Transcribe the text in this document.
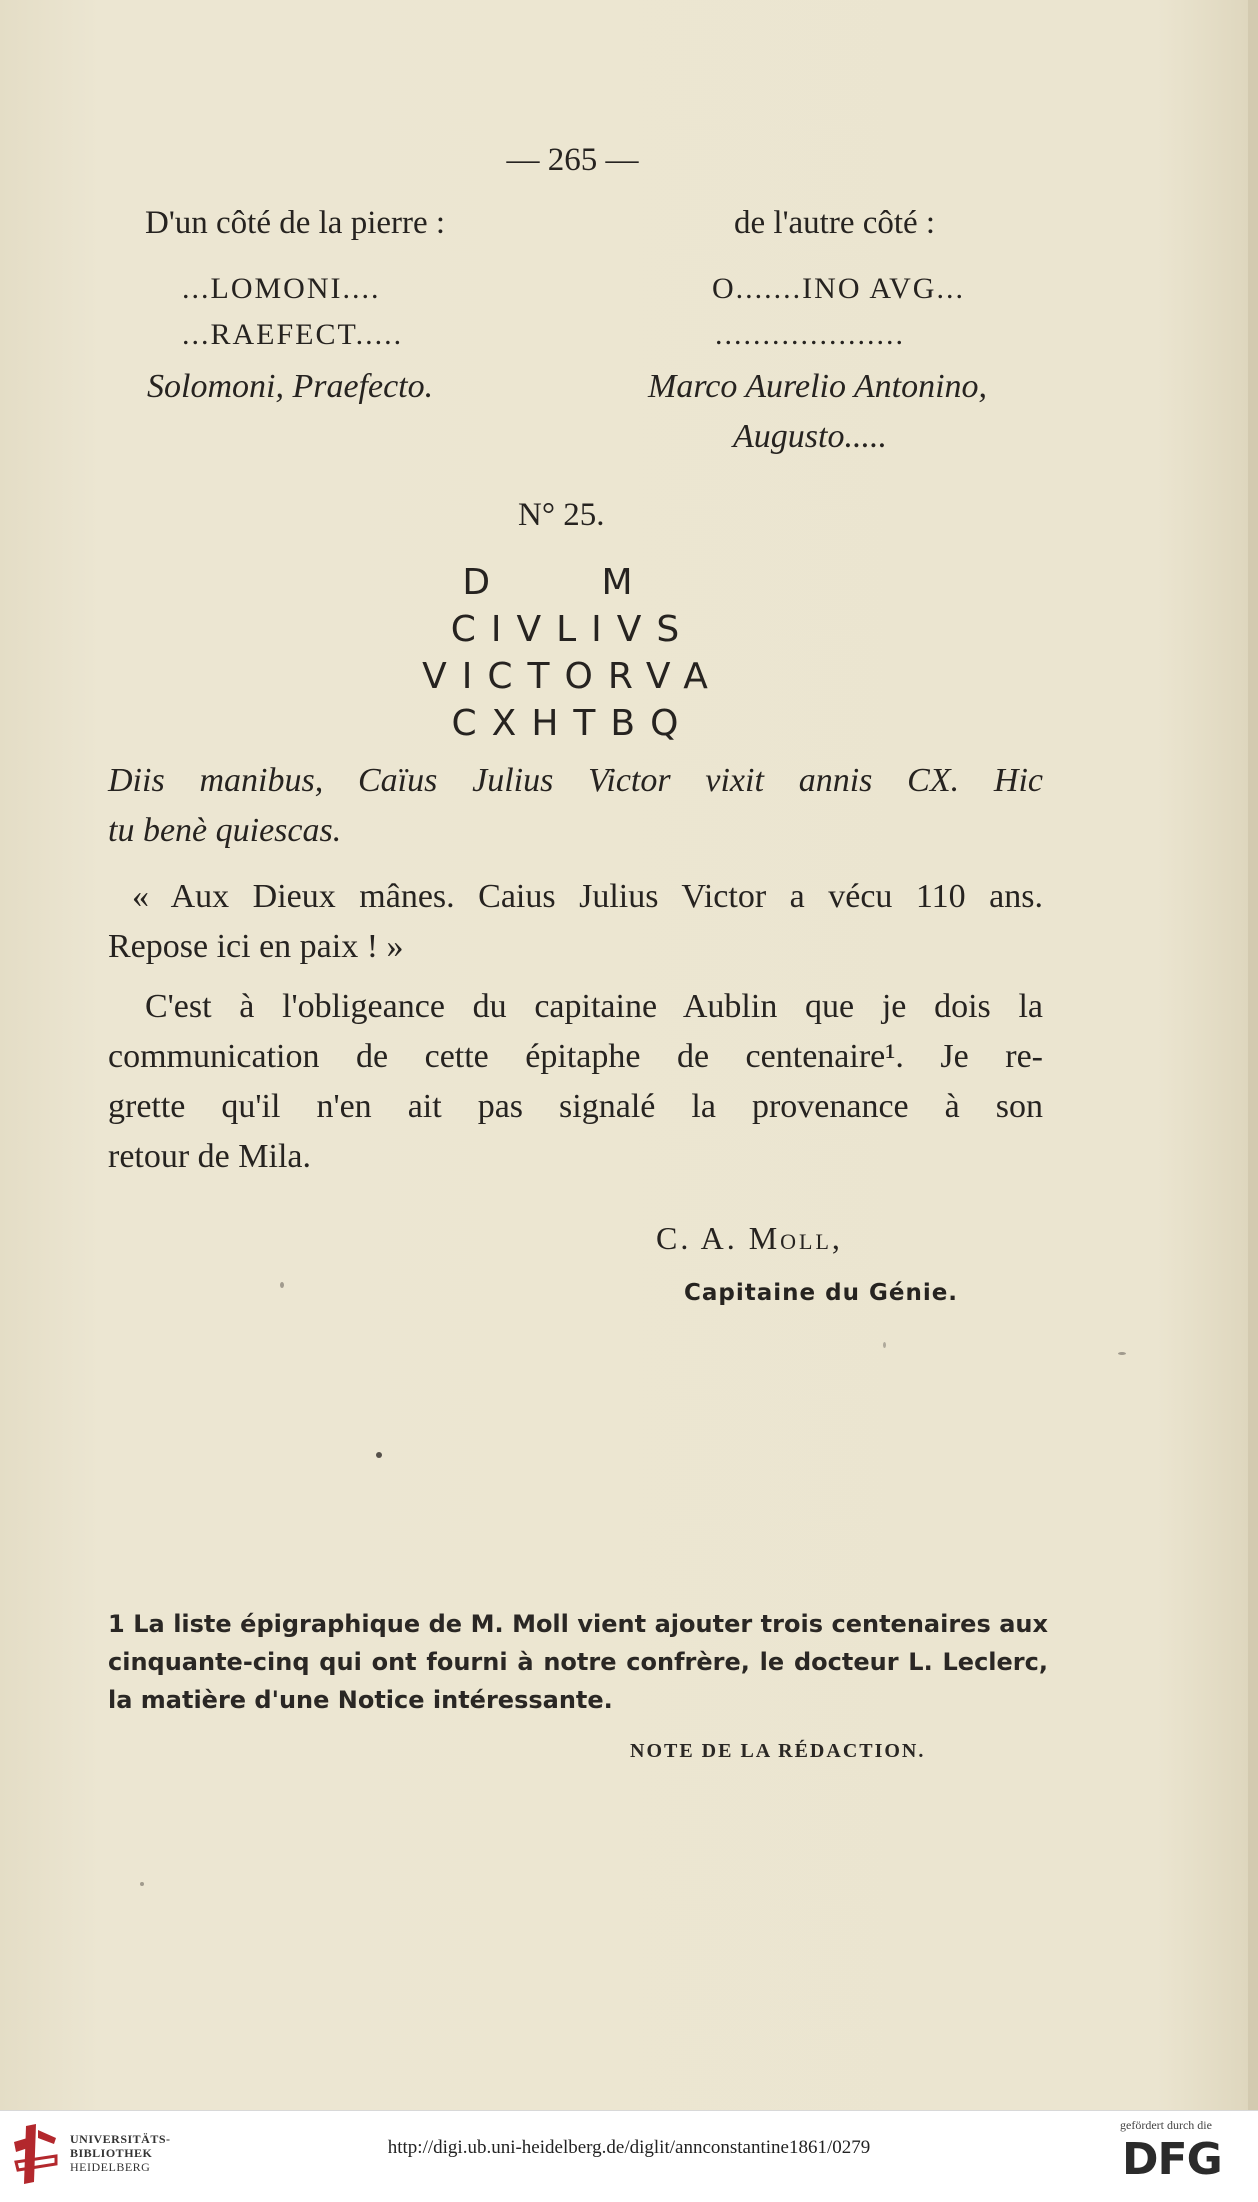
— 265 —
D'un côté de la pierre :	de l'autre côté :
...LOMONI....	O.......INO AVG...
...RAEFECT.....	....................
Solomoni, Praefecto.	Marco Aurelio Antonino,
Augusto.....
N° 25.
D M
CIVLIVS
VICTORVA
CXHTBQ
Diis manibus, Caïus Julius Victor vixit annis CX. Hic
tu benè quiescas.
« Aux Dieux mânes. Caius Julius Victor a vécu 110 ans.
Repose ici en paix ! »
C'est à l'obligeance du capitaine Aublin que je dois la
communication de cette épitaphe de centenaire¹. Je re-
grette qu'il n'en ait pas signalé la provenance à son
retour de Mila.
C. A. Moll,
Capitaine du Génie.
1 La liste épigraphique de M. Moll vient ajouter trois centenaires aux
cinquante-cinq qui ont fourni à notre confrère, le docteur L. Leclerc,
la matière d'une Notice intéressante.
NOTE DE LA RÉDACTION.
UNIVERSITÄTS-
BIBLIOTHEK
HEIDELBERG
http://digi.ub.uni-heidelberg.de/diglit/annconstantine1861/0279
gefördert durch die
DFG
